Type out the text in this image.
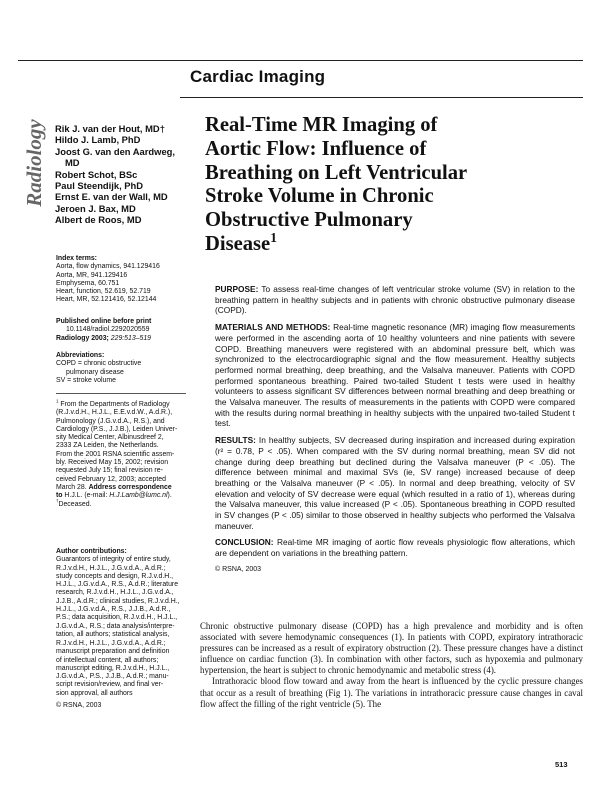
Cardiac Imaging
Radiology Rik J. van der Hout, MD†
Hildo J. Lamb, PhD
Joost G. van den Aardweg,
MD
Robert Schot, BSc
Paul Steendijk, PhD
Ernst E. van der Wall, MD
Jeroen J. Bax, MD
Albert de Roos, MD
Real-Time MR Imaging of
Aortic Flow: Influence of
Breathing on Left Ventricular
Stroke Volume in Chronic
Obstructive Pulmonary
Disease$^1$
Index terms:
Aorta, flow dynamics, 941.129416
Aorta, MR, 941.129416
Emphysema, 60.751
Heart, function, 52.619, 52.719
Heart, MR, 52.121416, 52.12144
Published online before print
10.1148/radiol.2292020559
Radiology 2003; 229:513–519
Abbreviations:
COPD = chronic obstructive
pulmonary disease
SV = stroke volume
$^1$ From the Departments of Radiology
(R.J.v.d.H., H.J.L., E.E.v.d.W., A.d.R.),
Pulmonology (J.G.v.d.A., R.S.), and
Cardiology (P.S., J.J.B.), Leiden Univer-
sity Medical Center, Albinusdreef 2,
2333 ZA Leiden, the Netherlands.
From the 2001 RSNA scientific assem-
bly. Received May 15, 2002; revision
requested July 15; final revision re-
ceived February 12, 2003; accepted
March 28. Address correspondence
to H.J.L. (e-mail: H.J.Lamb@lumc.nl).
†Deceased.
Author contributions:
Guarantors of integrity of entire study,
R.J.v.d.H., H.J.L., J.G.v.d.A., A.d.R.;
study concepts and design, R.J.v.d.H.,
H.J.L., J.G.v.d.A., R.S., A.d.R.; literature
research, R.J.v.d.H., H.J.L., J.G.v.d.A.,
J.J.B., A.d.R.; clinical studies, R.J.v.d.H.,
H.J.L., J.G.v.d.A., R.S., J.J.B., A.d.R.,
P.S.; data acquisition, R.J.v.d.H., H.J.L.,
J.G.v.d.A., R.S.; data analysis/interpre-
tation, all authors; statistical analysis,

PURPOSE: To assess real-time changes of left ventricular stroke volume (SV) in relation to the breathing pattern in healthy subjects and in patients with chronic obstructive pulmonary disease (COPD).

MATERIALS AND METHODS: Real-time magnetic resonance (MR) imaging flow measurements were performed in the ascending aorta of 10 healthy volunteers and nine patients with severe COPD. Breathing maneuvers were registered with an abdominal pressure belt, which was synchronized to the electrocardiographic signal and the flow measurement. Healthy subjects performed normal breathing, deep breathing, and the Valsalva maneuver. Patients with COPD performed spontaneous breathing. Paired two-tailed Student t tests were used in healthy volunteers to assess significant SV differences between normal breathing and deep breathing or the Valsalva maneuver. The results of measurements in the patients with COPD were compared with the results during normal breathing in healthy subjects with the unpaired two-tailed Student t test.

RESULTS: In healthy subjects, SV decreased during inspiration and increased during expiration (r² = 0.78, P < .05). When compared with the SV during normal breathing, mean SV did not change during deep breathing but declined during the Valsalva maneuver (P < .05). The difference between minimal and maximal SVs (ie, SV range) increased because of deep breathing or the Valsalva maneuver (P < .05). In normal and deep breathing, velocity of SV elevation and velocity of SV decrease were equal (which resulted in a ratio of 1), whereas during the Valsalva maneuver, this value increased (P < .05). Spontaneous breathing in COPD resulted in SV changes (P < .05) similar to those observed in healthy subjects who performed the Valsalva maneuver.

CONCLUSION: Real-time MR imaging of aortic flow reveals physiologic flow alterations, which are dependent on variations in the breathing pattern.

© RSNA, 2003

Chronic obstructive pulmonary disease (COPD) has a high prevalence and morbidity and is often associated with severe hemodynamic consequences (1). In patients with COPD, expiratory intrathoracic pressures can be increased as a result of expiratory obstruction (2). These pressure changes have a distinct influence on cardiac function (3). In combination with other factors, such as hypoxemia and pulmonary hypertension, the heart is subject to chronic hemodynamic and metabolic stress (4).

Intrathoracic blood flow toward and away from the heart is influenced by the cyclic pressure changes that occur as a result of breathing (Fig 1). The variations in intrathoracic pressure cause changes in caval flow affect the filling of the right ventricle (5). The

R.J.v.d.H., H.J.L., J.G.v.d.A., A.d.R.;
manuscript preparation and definition
of intellectual content, all authors;
manuscript editing, R.J.v.d.H., H.J.L.,
J.G.v.d.A., P.S., J.J.B., A.d.R.; manu-
script revision/review, and final ver-
sion approval, all authors
© RSNA, 2003
513
